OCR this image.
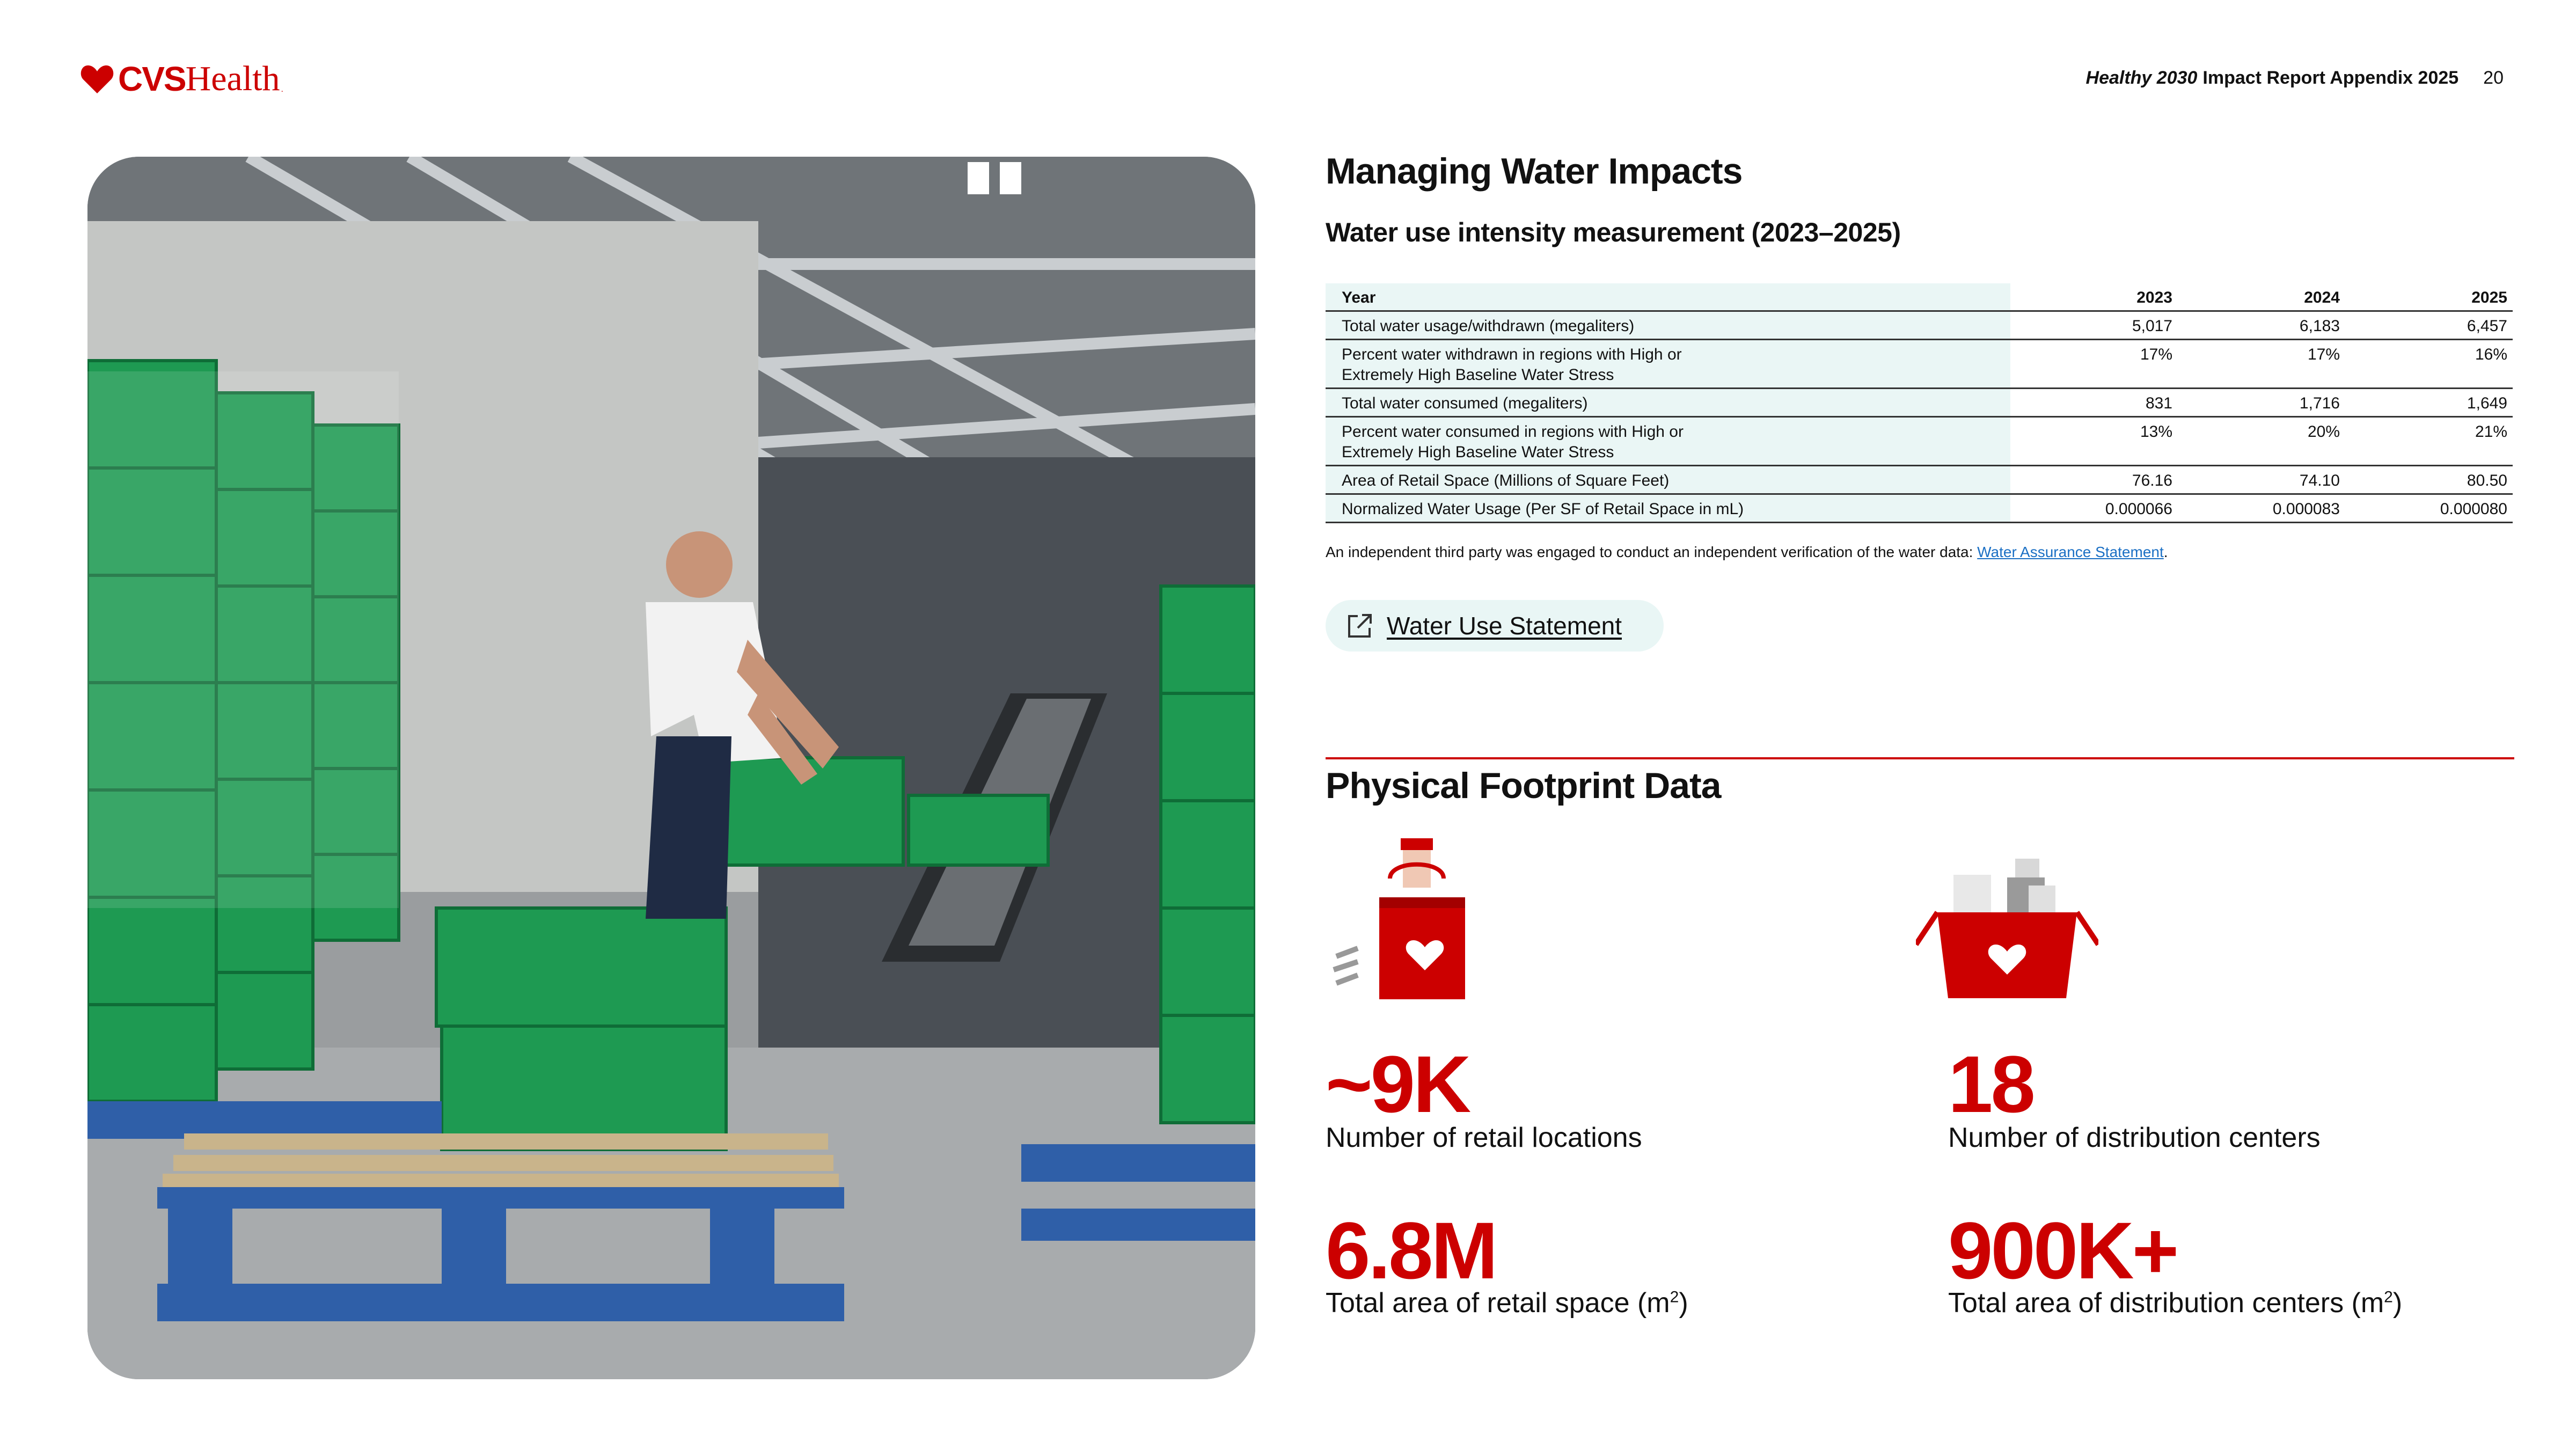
CVS Health .
Healthy 2030 Impact Report Appendix 2025 20
Managing Water Impacts
Water use intensity measurement (2023–2025)
Year	2023	2024	2025
Total water usage/withdrawn (megaliters)	5,017	6,183	6,457

Percent water withdrawn in regions with High or Extremely High Baseline Water Stress	17%	17%	16%
Total water consumed (megaliters)	831	1,716	1,649

Percent water consumed in regions with High or Extremely High Baseline Water Stress	13%	20%	21%
Area of Retail Space (Millions of Square Feet)	76.16	74.10	80.50
Normalized Water Usage (Per SF of Retail Space in mL)	0.000066	0.000083	0.000080
An independent third party was engaged to conduct an independent verification of the water data: Water Assurance Statement.
Water Use Statement
Physical Footprint Data
~9K
Number of retail locations
18
Number of distribution centers
6.8M
Total area of retail space $(m^2)$
900K+
Total area of distribution centers $(m^2)$
